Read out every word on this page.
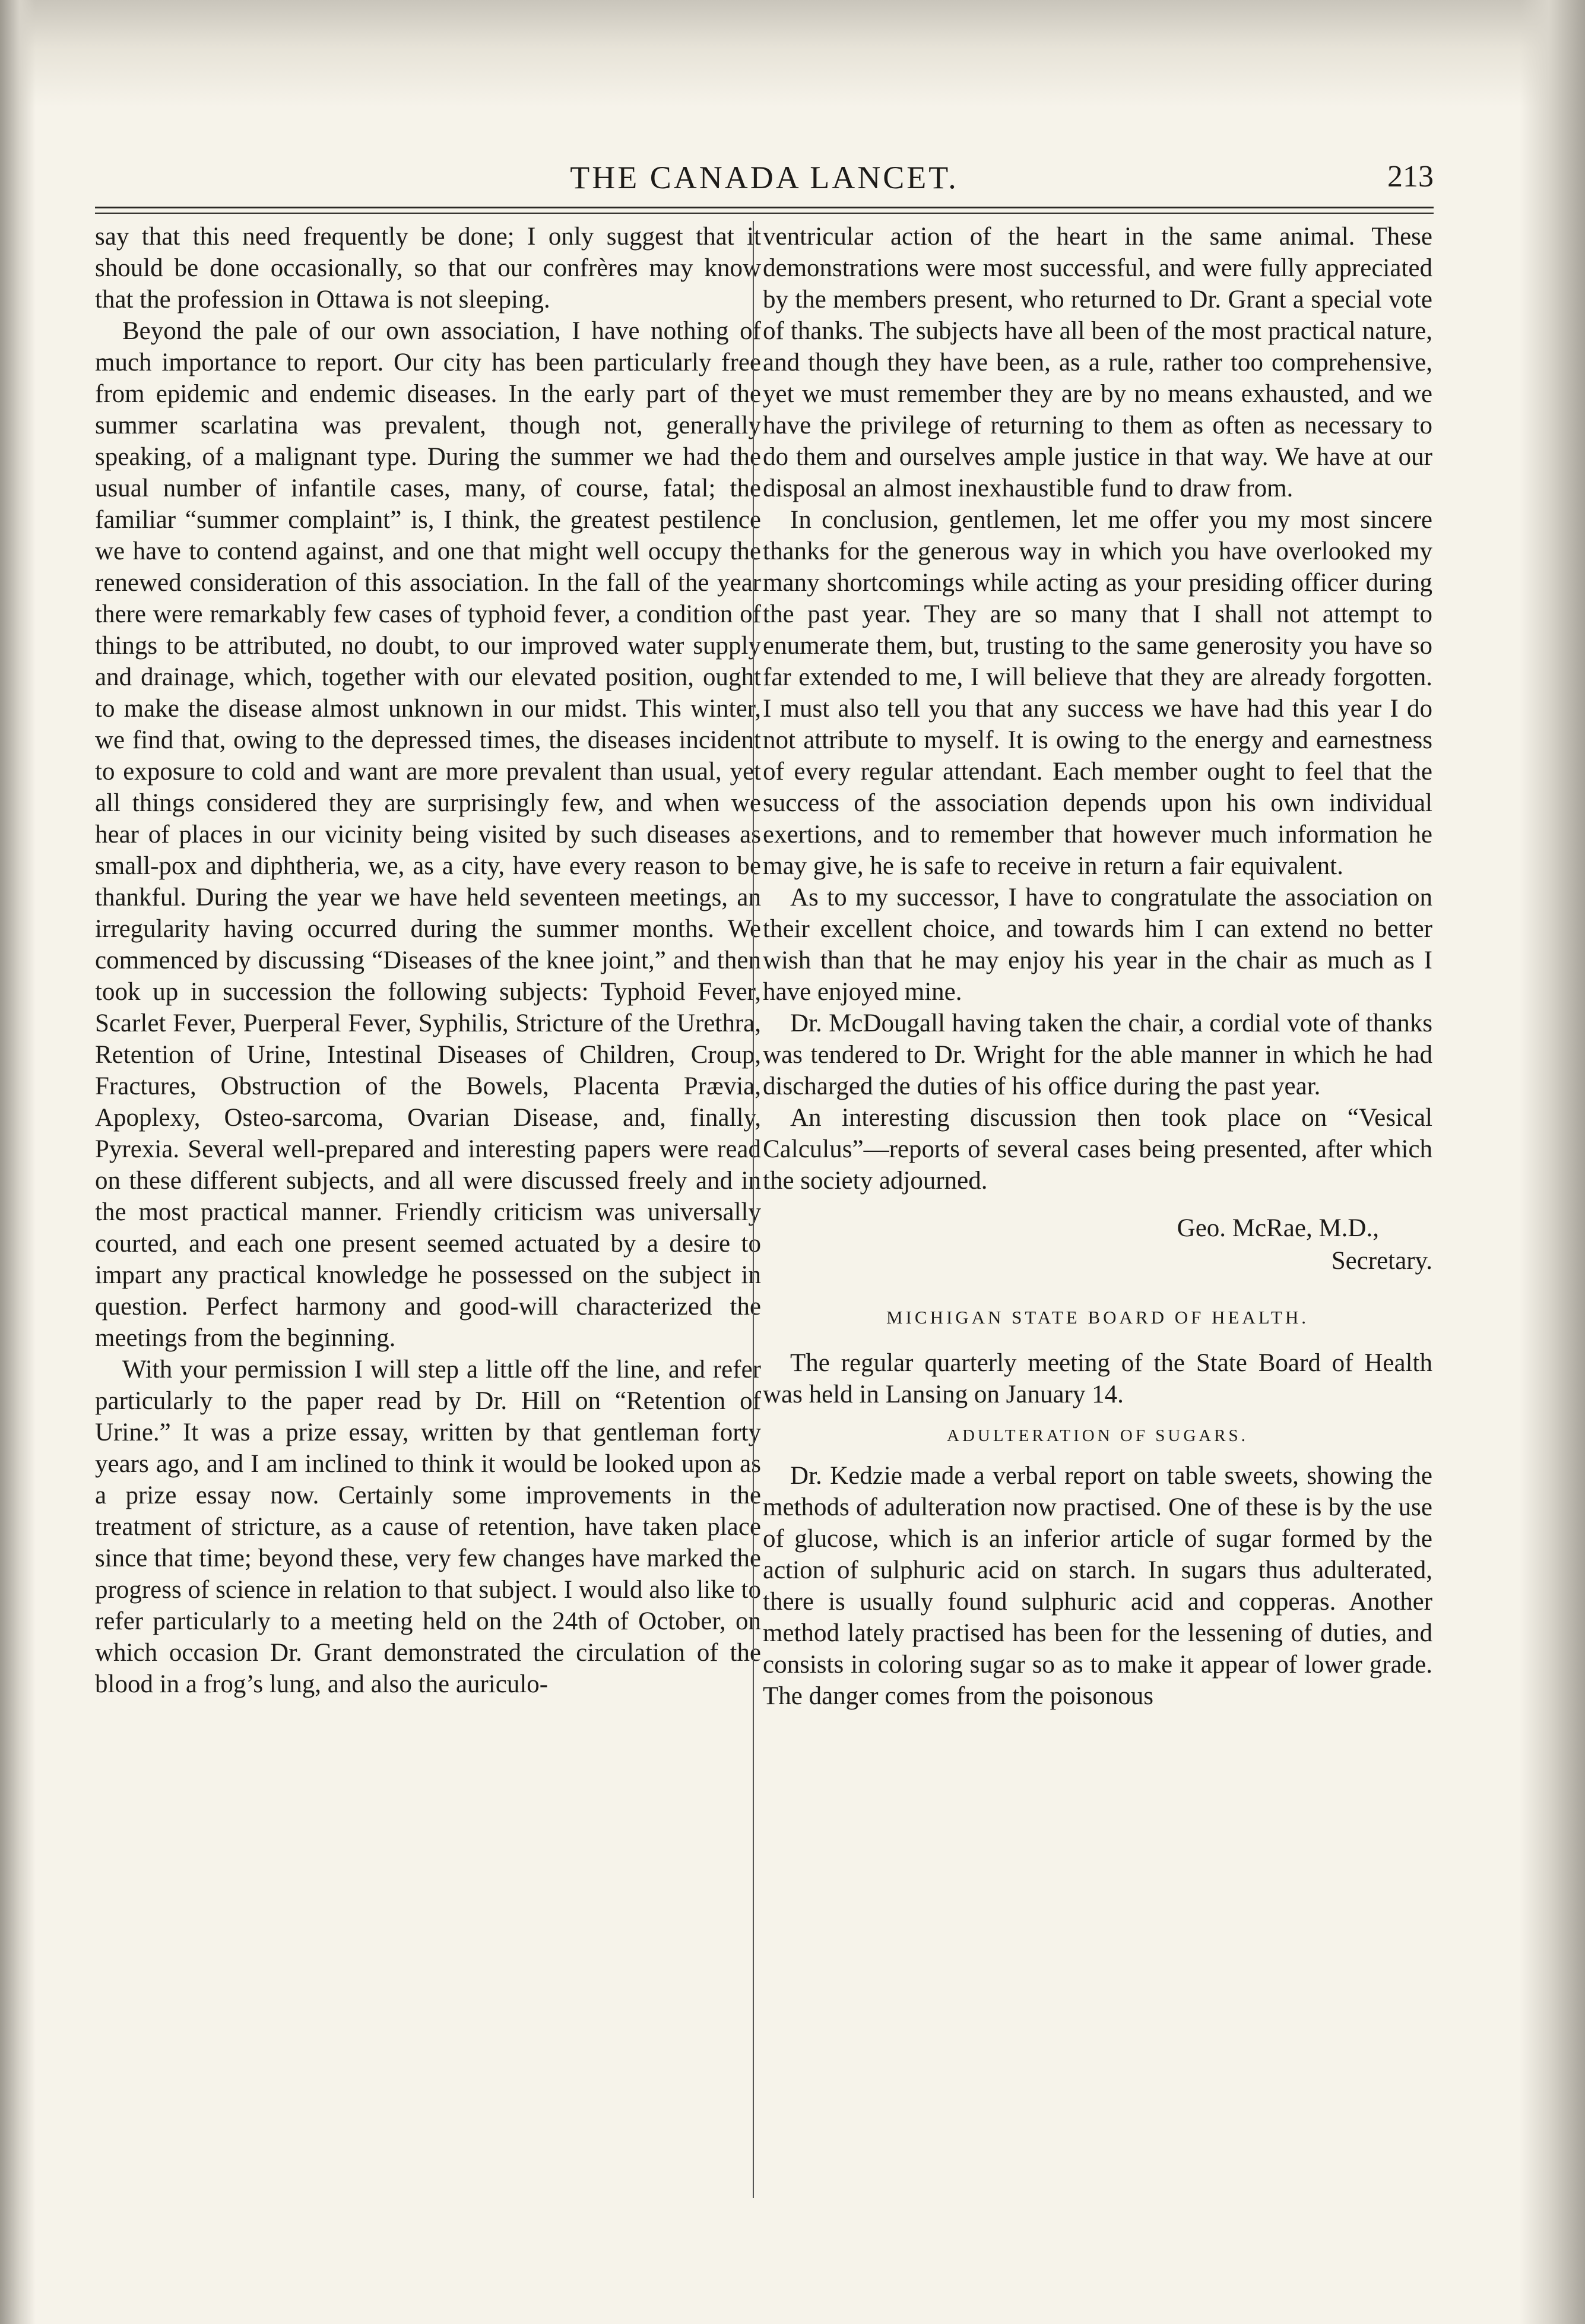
THE CANADA LANCET.	213

say that this need frequently be done; I only suggest that it should be done occasionally, so that our confrères may know that the profession in Ottawa is not sleeping.

Beyond the pale of our own association, I have nothing of much importance to report. Our city has been particularly free from epidemic and endemic diseases. In the early part of the summer scarlatina was prevalent, though not, generally speaking, of a malignant type. During the summer we had the usual number of infantile cases, many, of course, fatal; the familiar “summer complaint” is, I think, the greatest pestilence we have to contend against, and one that might well occupy the renewed consideration of this association. In the fall of the year there were remarkably few cases of typhoid fever, a condition of things to be attributed, no doubt, to our improved water supply and drainage, which, together with our elevated position, ought to make the disease almost unknown in our midst. This winter, we find that, owing to the depressed times, the diseases incident to exposure to cold and want are more prevalent than usual, yet all things considered they are surprisingly few, and when we hear of places in our vicinity being visited by such diseases as small-pox and diphtheria, we, as a city, have every reason to be thankful. During the year we have held seventeen meetings, an irregularity having occurred during the summer months. We commenced by discussing “Diseases of the knee joint,” and then took up in succession the following subjects: Typhoid Fever, Scarlet Fever, Puerperal Fever, Syphilis, Stricture of the Urethra, Retention of Urine, Intestinal Diseases of Children, Croup, Fractures, Obstruction of the Bowels, Placenta Prævia, Apoplexy, Osteo-sarcoma, Ovarian Disease, and, finally, Pyrexia. Several well-prepared and interesting papers were read on these different subjects, and all were discussed freely and in the most practical manner. Friendly criticism was universally courted, and each one present seemed actuated by a desire to impart any practical knowledge he possessed on the subject in question. Perfect harmony and good-will characterized the meetings from the beginning.

With your permission I will step a little off the line, and refer particularly to the paper read by Dr. Hill on “Retention of Urine.” It was a prize essay, written by that gentleman forty years ago, and I am inclined to think it would be looked upon as a prize essay now. Certainly some improvements in the treatment of stricture, as a cause of retention, have taken place since that time; beyond these, very few changes have marked the progress of science in relation to that subject. I would also like to refer particularly to a meeting held on the 24th of October, on which occasion Dr. Grant demonstrated the circulation of the blood in a frog’s lung, and also the auriculo-

ventricular action of the heart in the same animal. These demonstrations were most successful, and were fully appreciated by the members present, who returned to Dr. Grant a special vote of thanks. The subjects have all been of the most practical nature, and though they have been, as a rule, rather too comprehensive, yet we must remember they are by no means exhausted, and we have the privilege of returning to them as often as necessary to do them and ourselves ample justice in that way. We have at our disposal an almost inexhaustible fund to draw from.

In conclusion, gentlemen, let me offer you my most sincere thanks for the generous way in which you have overlooked my many shortcomings while acting as your presiding officer during the past year. They are so many that I shall not attempt to enumerate them, but, trusting to the same generosity you have so far extended to me, I will believe that they are already forgotten. I must also tell you that any success we have had this year I do not attribute to myself. It is owing to the energy and earnestness of every regular attendant. Each member ought to feel that the success of the association depends upon his own individual exertions, and to remember that however much information he may give, he is safe to receive in return a fair equivalent.

As to my successor, I have to congratulate the association on their excellent choice, and towards him I can extend no better wish than that he may enjoy his year in the chair as much as I have enjoyed mine.

Dr. McDougall having taken the chair, a cordial vote of thanks was tendered to Dr. Wright for the able manner in which he had discharged the duties of his office during the past year.

An interesting discussion then took place on “Vesical Calculus”—reports of several cases being presented, after which the society adjourned.

Geo. McRae, M.D.,
Secretary.
MICHIGAN STATE BOARD OF HEALTH.

The regular quarterly meeting of the State Board of Health was held in Lansing on January 14.

ADULTERATION OF SUGARS.

Dr. Kedzie made a verbal report on table sweets, showing the methods of adulteration now practised. One of these is by the use of glucose, which is an inferior article of sugar formed by the action of sulphuric acid on starch. In sugars thus adulterated, there is usually found sulphuric acid and copperas. Another method lately practised has been for the lessening of duties, and consists in coloring sugar so as to make it appear of lower grade. The danger comes from the poisonous
